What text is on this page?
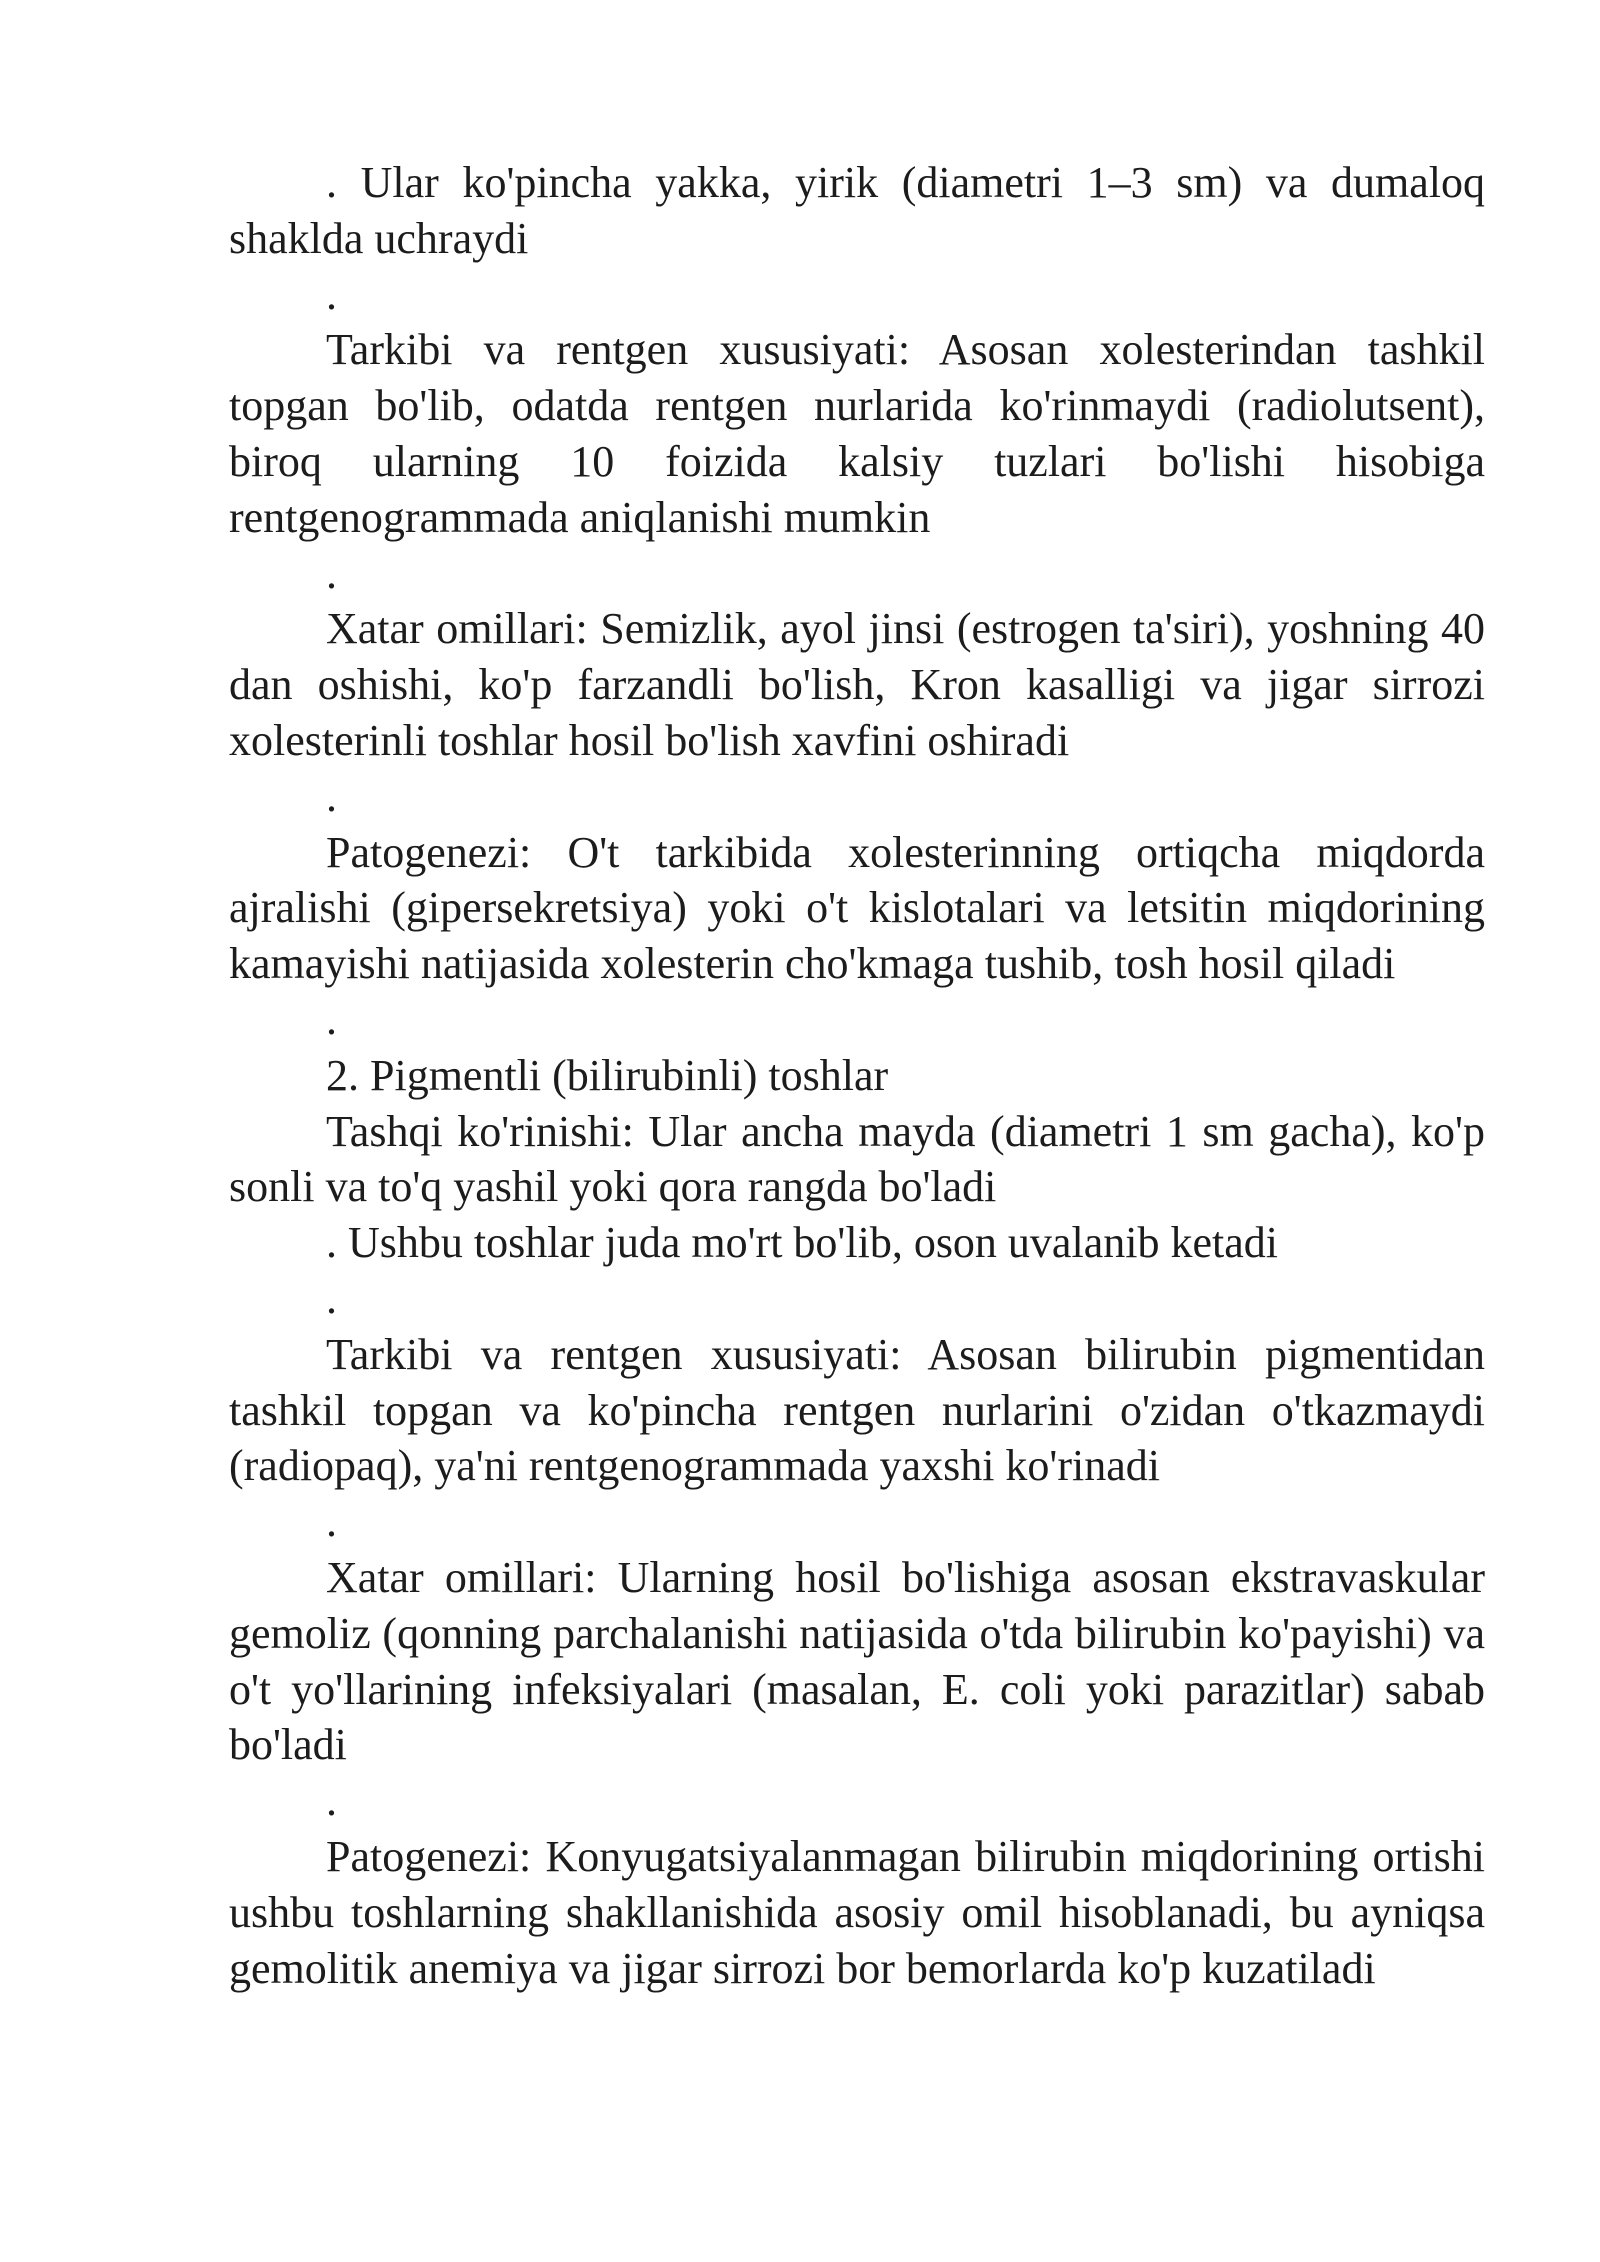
. Ular ko'pincha yakka, yirik (diametri 1–3 sm) va dumaloq shaklda uchraydi

.

Tarkibi va rentgen xususiyati: Asosan xolesterindan tashkil topgan bo'lib, odatda rentgen nurlarida ko'rinmaydi (radiolutsent), biroq ularning 10 foizida kalsiy tuzlari bo'lishi hisobiga rentgenogrammada aniqlanishi mumkin

.

Xatar omillari: Semizlik, ayol jinsi (estrogen ta'siri), yoshning 40 dan oshishi, ko'p farzandli bo'lish, Kron kasalligi va jigar sirrozi xolesterinli toshlar hosil bo'lish xavfini oshiradi

.

Patogenezi: O't tarkibida xolesterinning ortiqcha miqdorda ajralishi (gipersekretsiya) yoki o't kislotalari va letsitin miqdorining kamayishi natijasida xolesterin cho'kmaga tushib, tosh hosil qiladi

.

2. Pigmentli (bilirubinli) toshlar

Tashqi ko'rinishi: Ular ancha mayda (diametri 1 sm gacha), ko'p sonli va to'q yashil yoki qora rangda bo'ladi

. Ushbu toshlar juda mo'rt bo'lib, oson uvalanib ketadi

.

Tarkibi va rentgen xususiyati: Asosan bilirubin pigmentidan tashkil topgan va ko'pincha rentgen nurlarini o'zidan o'tkazmaydi (radiopaq), ya'ni rentgenogrammada yaxshi ko'rinadi

.

Xatar omillari: Ularning hosil bo'lishiga asosan ekstravaskular gemoliz (qonning parchalanishi natijasida o'tda bilirubin ko'payishi) va o't yo'llarining infeksiyalari (masalan, E. coli yoki parazitlar) sabab bo'ladi

.

Patogenezi: Konyugatsiyalanmagan bilirubin miqdorining ortishi ushbu toshlarning shakllanishida asosiy omil hisoblanadi, bu ayniqsa gemolitik anemiya va jigar sirrozi bor bemorlarda ko'p kuzatiladi
